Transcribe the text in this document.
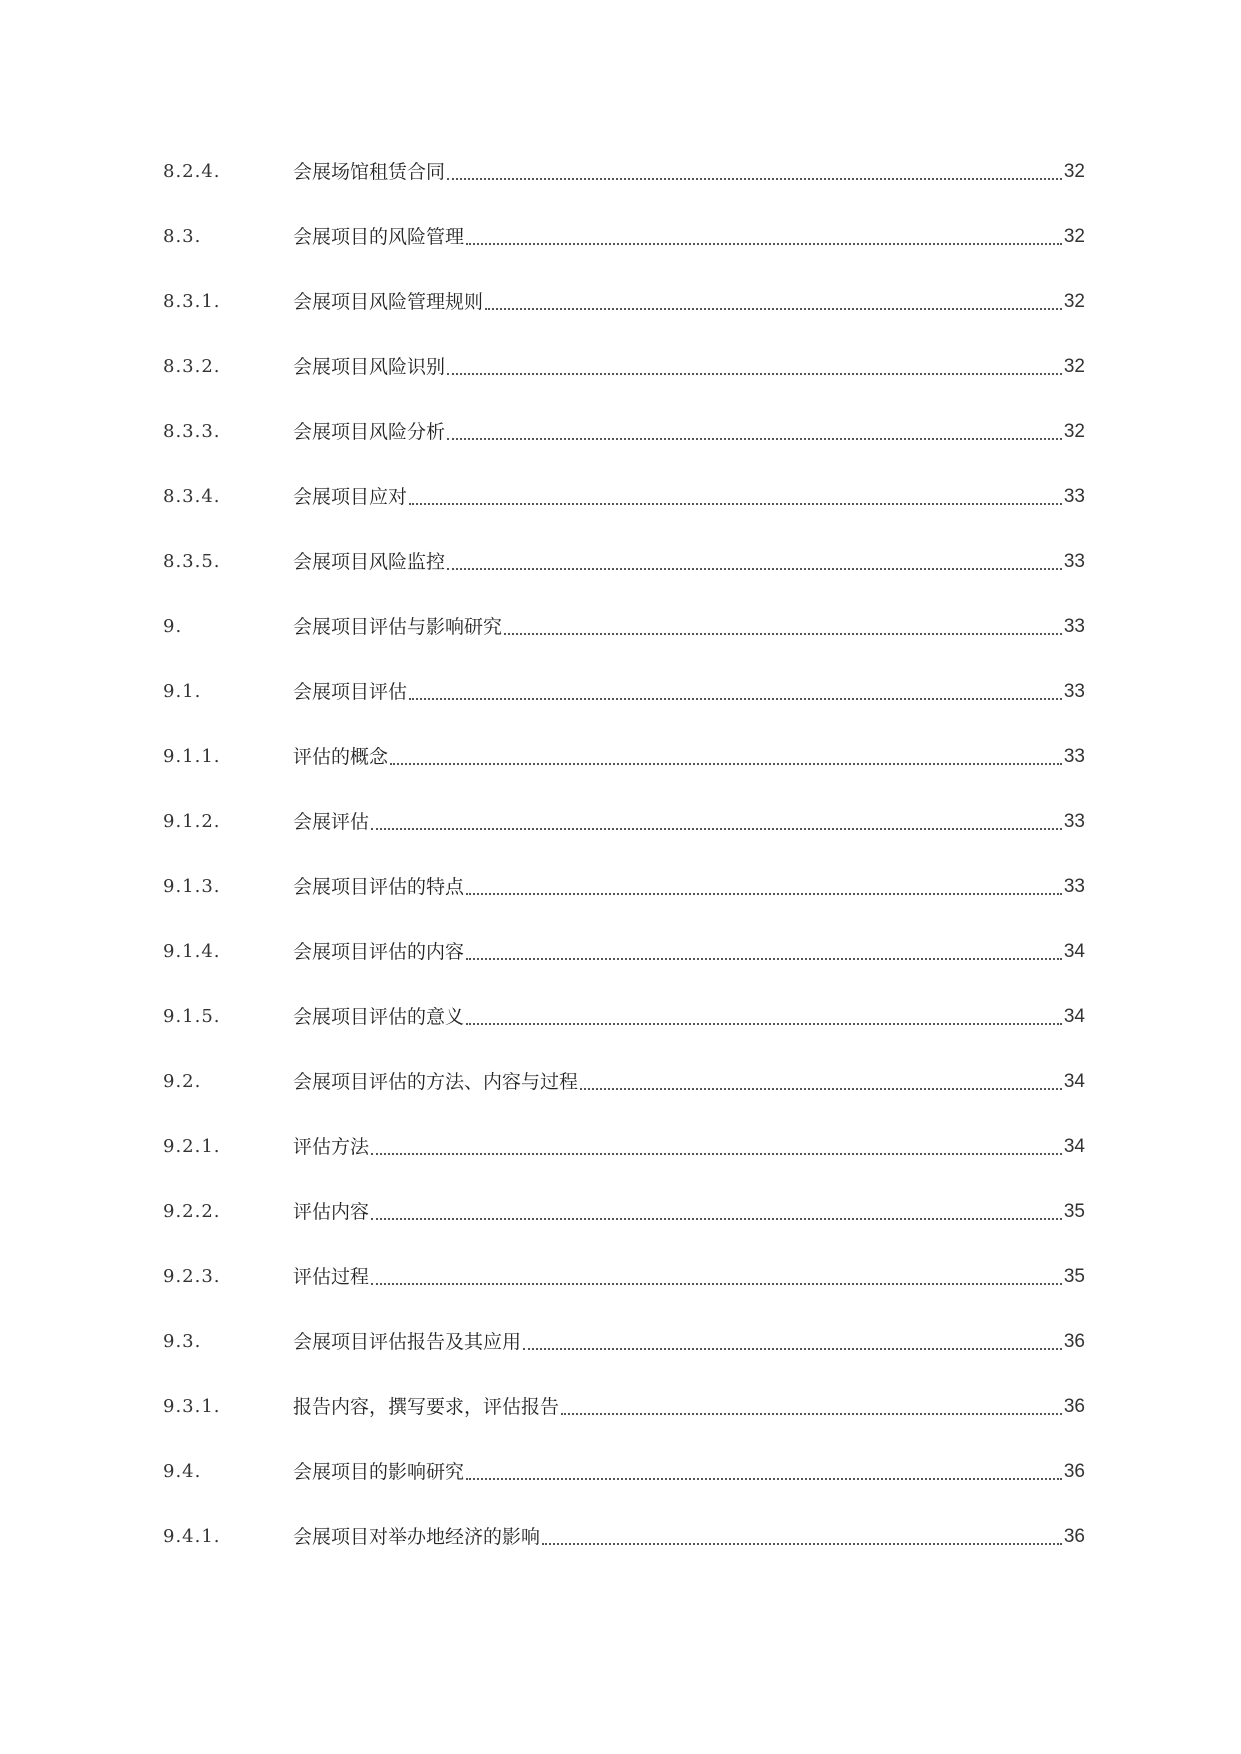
8.2.4.	会展场馆租赁合同	32
8.3.	会展项目的风险管理	32
8.3.1.	会展项目风险管理规则	32
8.3.2.	会展项目风险识别	32
8.3.3.	会展项目风险分析	32
8.3.4.	会展项目应对	33
8.3.5.	会展项目风险监控	33
9.	会展项目评估与影响研究	33
9.1.	会展项目评估	33
9.1.1.	评估的概念	33
9.1.2.	会展评估	33
9.1.3.	会展项目评估的特点	33
9.1.4.	会展项目评估的内容	34
9.1.5.	会展项目评估的意义	34
9.2.	会展项目评估的方法、内容与过程	34
9.2.1.	评估方法	34
9.2.2.	评估内容	35
9.2.3.	评估过程	35
9.3.	会展项目评估报告及其应用	36
9.3.1.	报告内容，撰写要求，评估报告	36
9.4.	会展项目的影响研究	36
9.4.1.	会展项目对举办地经济的影响	36
